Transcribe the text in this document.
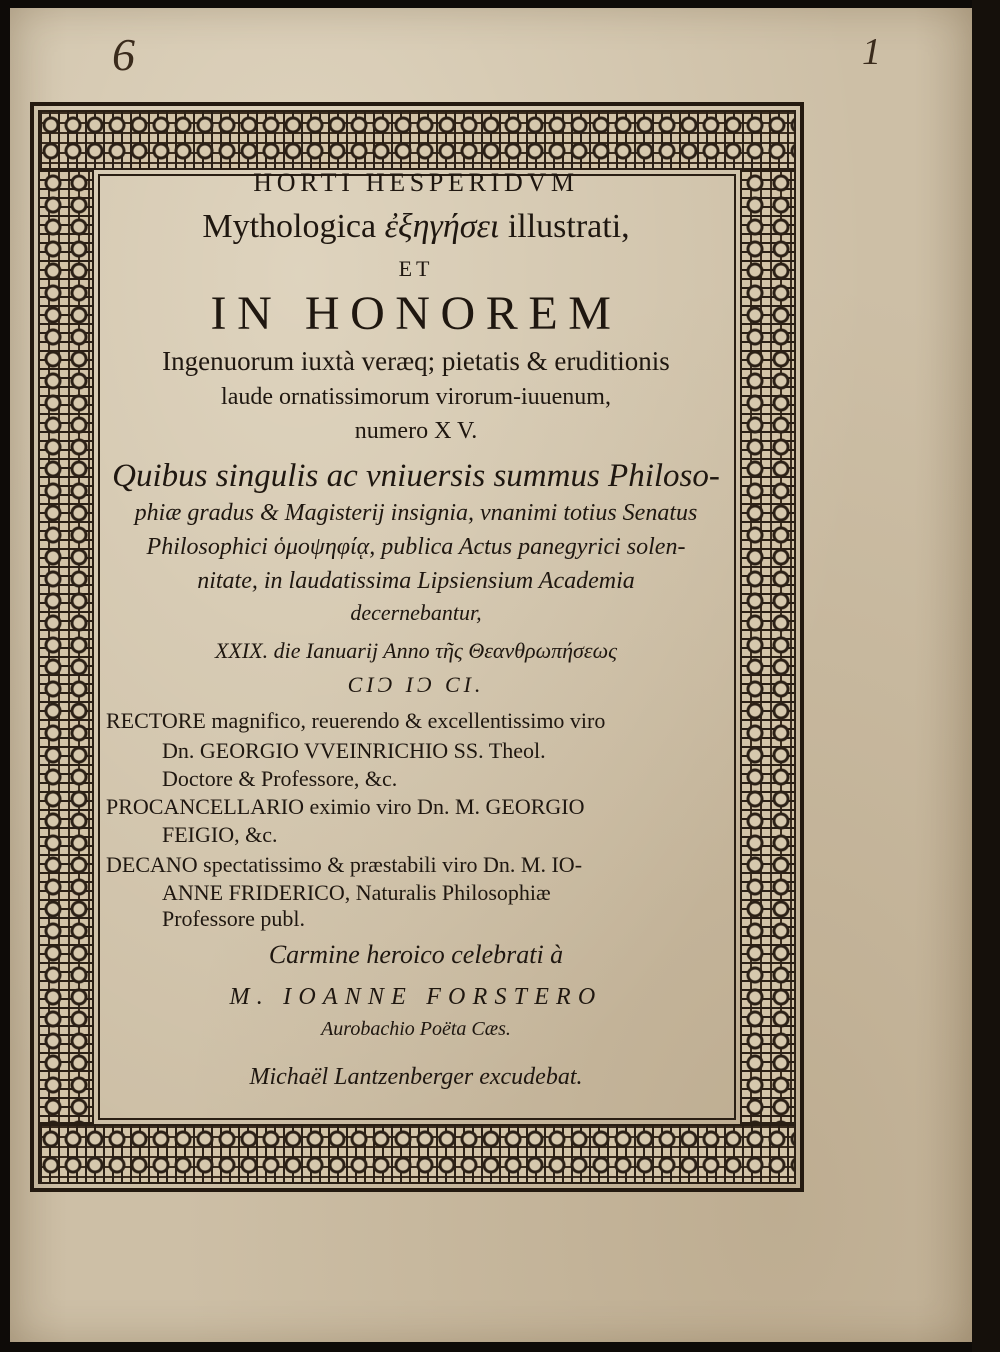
6	1
HORTI HESPERIDVM
Mythologica ἐξηγήσει illustrati,
ET
IN HONOREM
Ingenuorum iuxtà veræq; pietatis & eruditionis
laude ornatissimorum virorum-iuuenum,
numero X V.
Quibus singulis ac vniuersis summus Philoso-
phiæ gradus & Magisterij insignia, vnanimi totius Senatus
Philosophici ὁμοψηφίᾳ, publica Actus panegyrici solen-
nitate, in laudatissima Lipsiensium Academia
decernebantur,
XXIX. die Ianuarij Anno τῆς Θεανθρωπήσεως
CIƆ IƆ CI.
RECTORE magnifico, reuerendo & excellentissimo viro
Dn. GEORGIO VVEINRICHIO SS. Theol.
Doctore & Professore, &c.
PROCANCELLARIO eximio viro Dn. M. GEORGIO
FEIGIO, &c.
DECANO spectatissimo & præstabili viro Dn. M. IO-
ANNE FRIDERICO, Naturalis Philosophiæ
Professore publ.
Carmine heroico celebrati à
M. IOANNE FORSTERO
Aurobachio Poëta Cæs.
Michaël Lantzenberger excudebat.
